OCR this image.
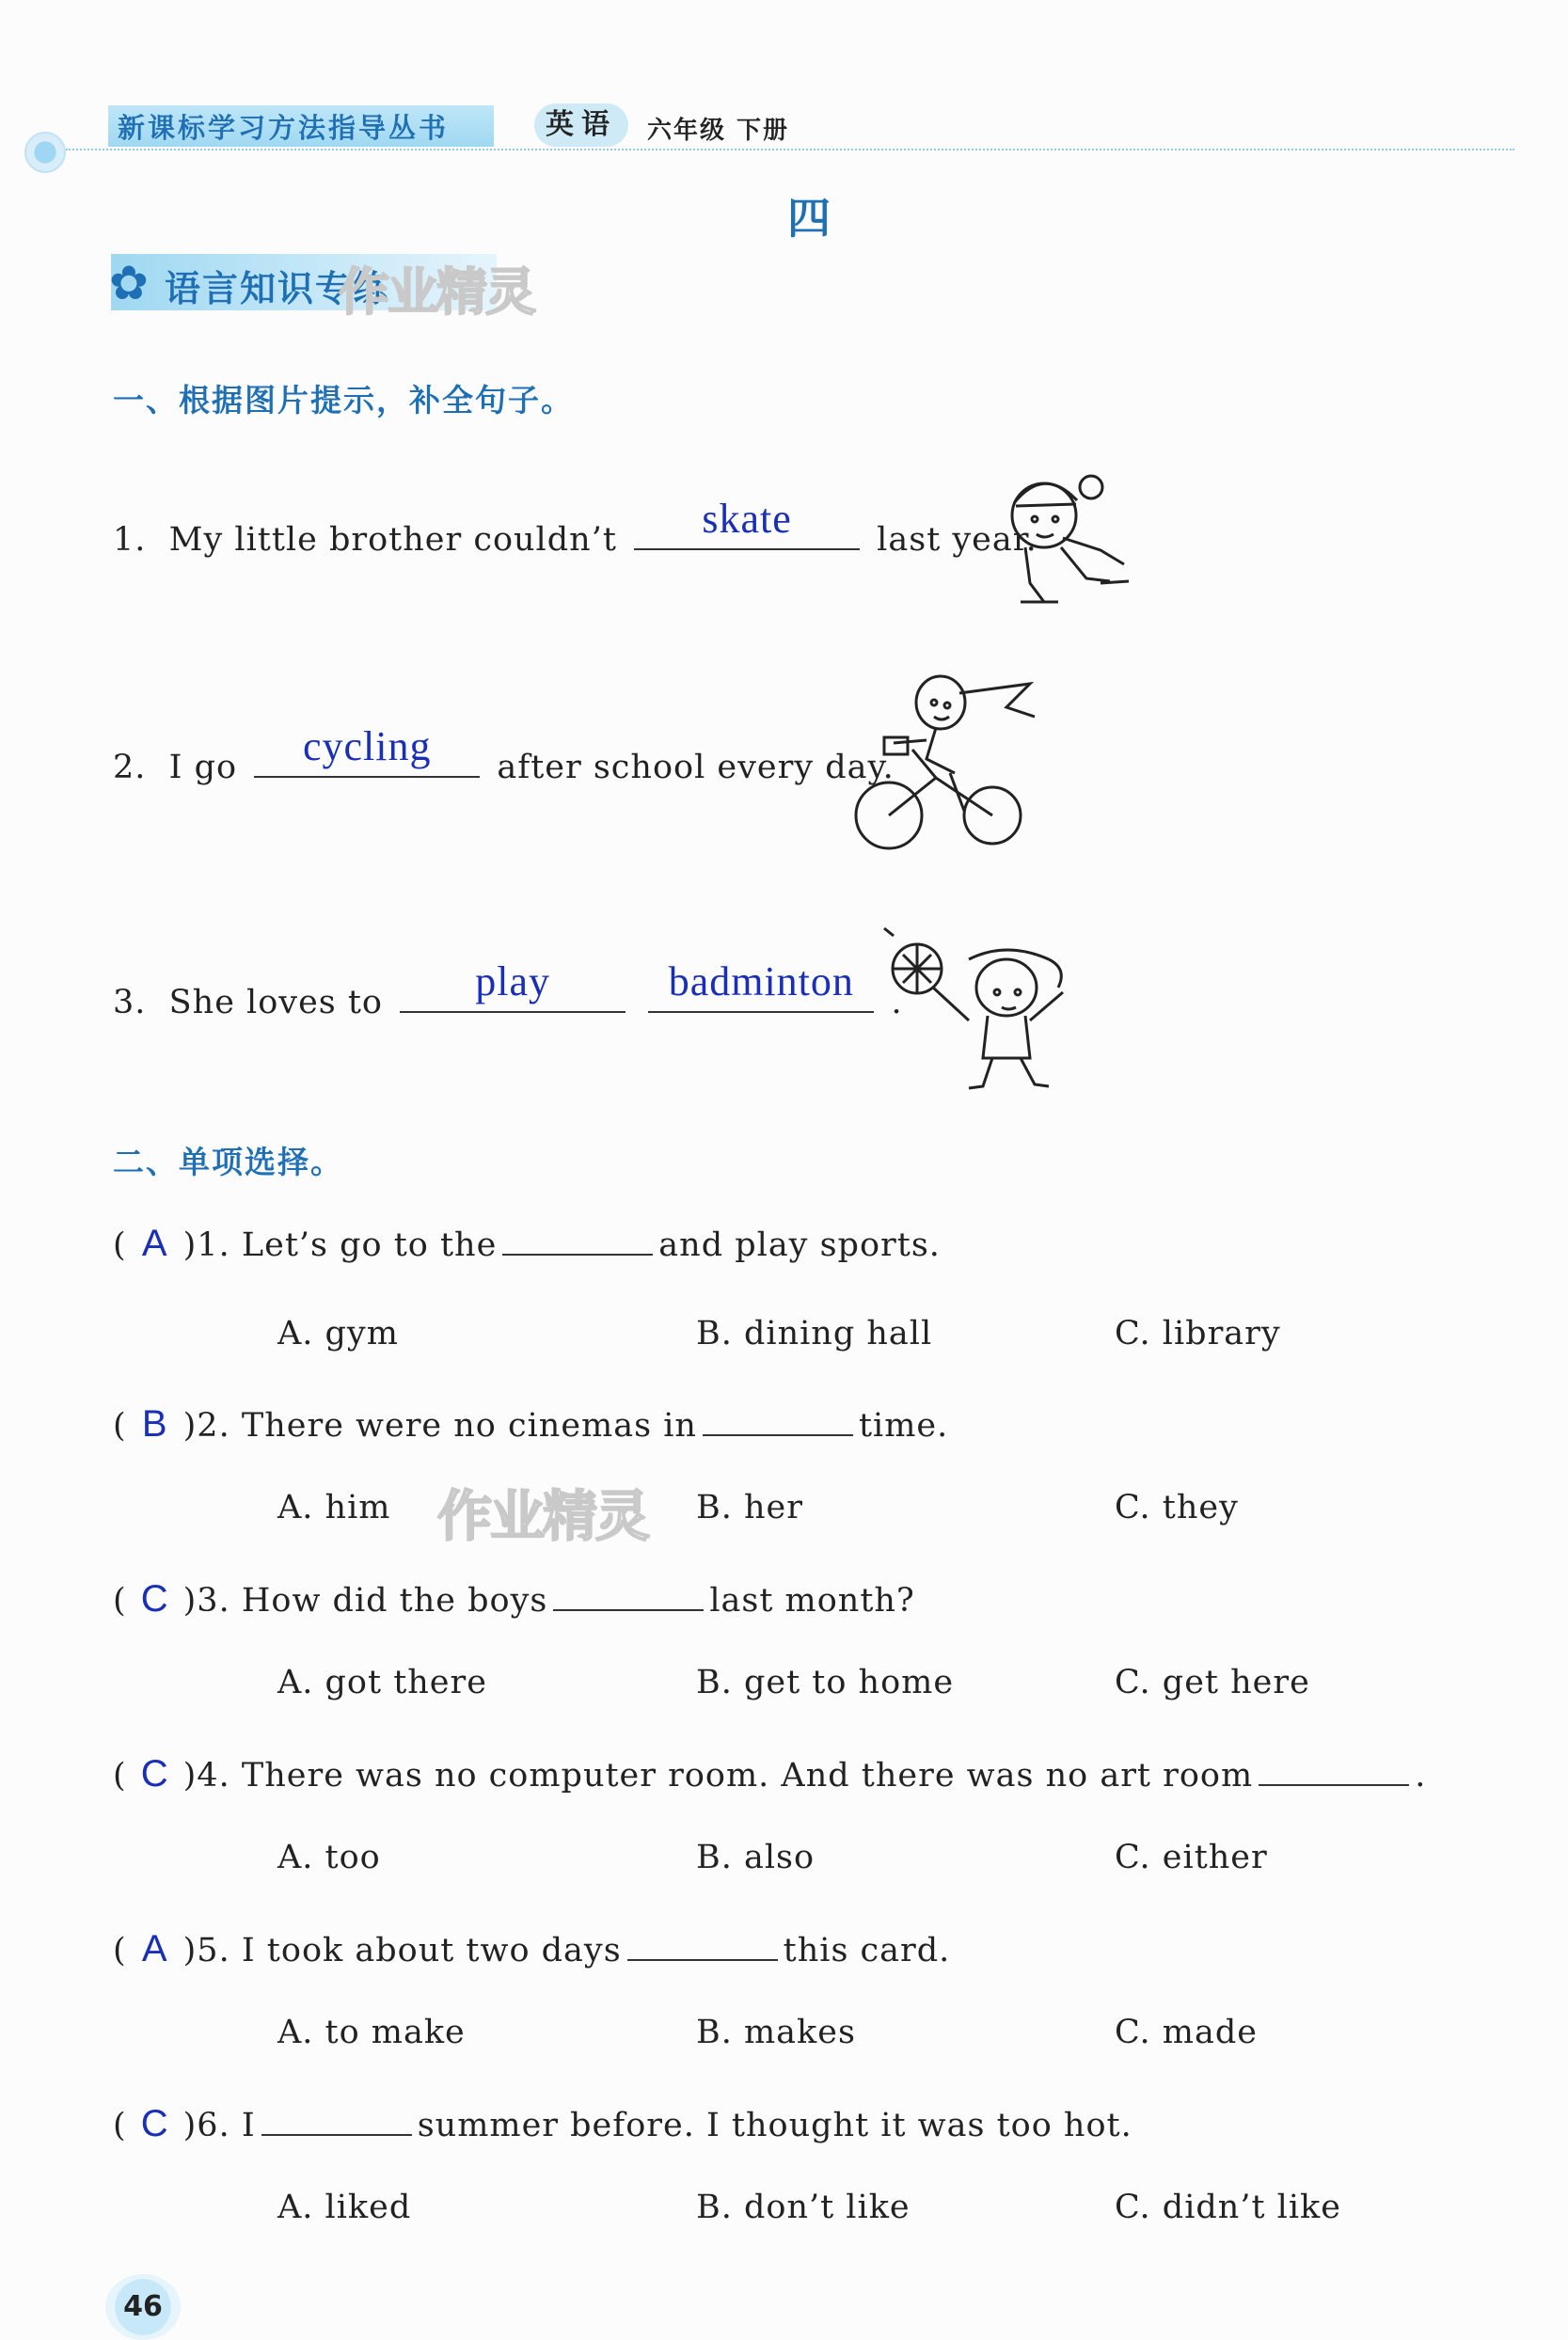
新课标学习方法指导丛书	英语	六年级 下册
四
✿ 语言知识专练
作业精灵
一、根据图片提示，补全句子。
1. My little brother couldn’t	skate	last year.
2. I go	cycling	after school every day.
3. She loves to	play
	badminton	.
二、单项选择。
( A )1. Let’s go to the	and play sports.
A. gym	B. dining hall	C. library
( B )2. There were no cinemas in	time.
A. him	B. her	C. they
( C )3. How did the boys	last month?
A. got there	B. get to home	C. get here
( C )4. There was no computer room. And there was no art room	.
A. too	B. also	C. either
( A )5. I took about two days	this card.
A. to make	B. makes	C. made
( C )6. I	summer before. I thought it was too hot.
A. liked	B. don’t like	C. didn’t like
作业精灵
46
